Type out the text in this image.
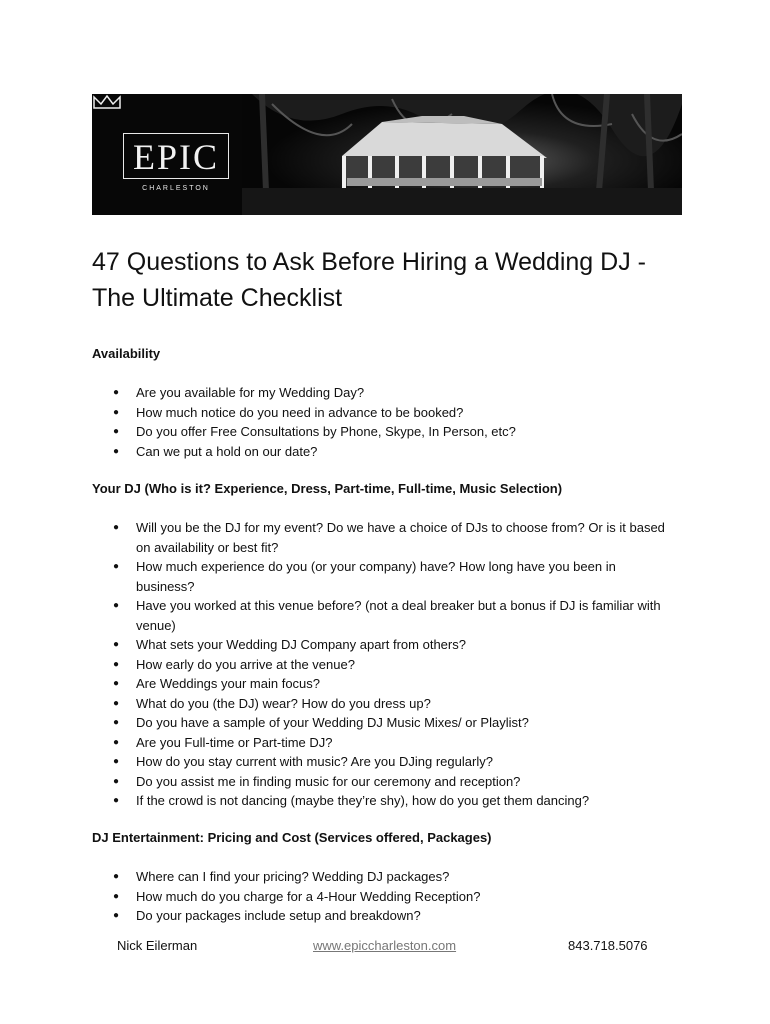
EPIC
CHARLESTON
47 Questions to Ask Before Hiring a Wedding DJ - The Ultimate Checklist
Availability
● Are you available for my Wedding Day?
● How much notice do you need in advance to be booked?
● Do you offer Free Consultations by Phone, Skype, In Person, etc?
● Can we put a hold on our date?
Your DJ (Who is it? Experience, Dress, Part-time, Full-time, Music Selection)
● Will you be the DJ for my event? Do we have a choice of DJs to choose from? Or is it based on availability or best fit?
● How much experience do you (or your company) have? How long have you been in business?
● Have you worked at this venue before? (not a deal breaker but a bonus if DJ is familiar with venue)
● What sets your Wedding DJ Company apart from others?
● How early do you arrive at the venue?
● Are Weddings your main focus?
● What do you (the DJ) wear? How do you dress up?
● Do you have a sample of your Wedding DJ Music Mixes/ or Playlist?
● Are you Full-time or Part-time DJ?
● How do you stay current with music? Are you DJing regularly?
● Do you assist me in finding music for our ceremony and reception?
● If the crowd is not dancing (maybe they’re shy), how do you get them dancing?
DJ Entertainment: Pricing and Cost (Services offered, Packages)
● Where can I find your pricing? Wedding DJ packages?
● How much do you charge for a 4-Hour Wedding Reception?
● Do your packages include setup and breakdown?
Nick Eilerman	www.epiccharleston.com	843.718.5076
